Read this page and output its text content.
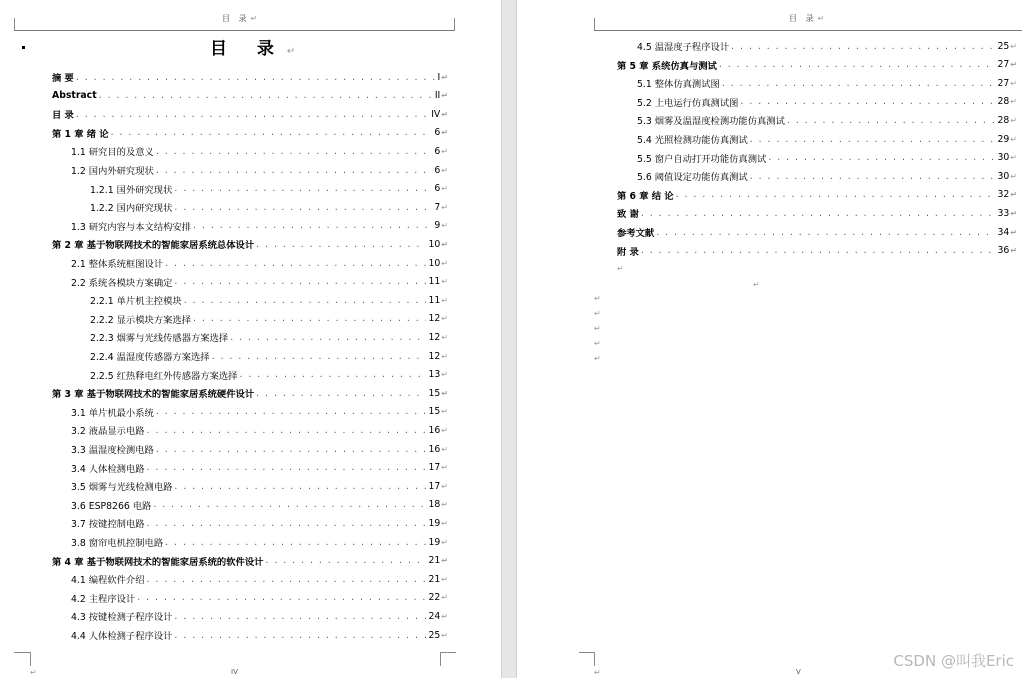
目 录↵
目 录↵
摘 要 . . .	I ↵
Abstract . . .	II ↵
目 录 . . .	IV ↵
第 1 章 绪 论 . . .	6 ↵
1.1 研究目的及意义 . . .	6 ↵
1.2 国内外研究现状 . . .	6 ↵
1.2.1 国外研究现状 . . .	6 ↵
1.2.2 国内研究现状 . . .	7 ↵
1.3 研究内容与本文结构安排 . . .	9 ↵
第 2 章 基于物联网技术的智能家居系统总体设计 . . .	10 ↵
2.1 整体系统框图设计 . . .	10 ↵
2.2 系统各模块方案确定 . . .	11 ↵
2.2.1 单片机主控模块 . . .	11 ↵
2.2.2 显示模块方案选择 . . .	12 ↵
2.2.3 烟雾与光线传感器方案选择 . . .	12 ↵
2.2.4 温湿度传感器方案选择 . . .	12 ↵
2.2.5 红热释电红外传感器方案选择 . . .	13 ↵
第 3 章 基于物联网技术的智能家居系统硬件设计 . . .	15 ↵
3.1 单片机最小系统 . . .	15 ↵
3.2 液晶显示电路 . . .	16 ↵
3.3 温湿度检测电路 . . .	16 ↵
3.4 人体检测电路 . . .	17 ↵
3.5 烟雾与光线检测电路 . . .	17 ↵
3.6 ESP8266 电路 . . .	18 ↵
3.7 按键控制电路 . . .	19 ↵
3.8 窗帘电机控制电路 . . .	19 ↵
第 4 章 基于物联网技术的智能家居系统的软件设计 . . .	21 ↵
4.1 编程软件介绍 . . .	21 ↵
4.2 主程序设计 . . .	22 ↵
4.3 按键检测子程序设计 . . .	24 ↵
4.4 人体检测子程序设计 . . .	25 ↵
↵	IV
目 录↵
4.5 温湿度子程序设计 . . .	25 ↵
第 5 章 系统仿真与测试 . . .	27 ↵
5.1 整体仿真测试图 . . .	27 ↵
5.2 上电运行仿真测试图 . . .	28 ↵
5.3 烟雾及温湿度检测功能仿真测试 . . .	28 ↵
5.4 光照检测功能仿真测试 . . .	29 ↵
5.5 窗户自动打开功能仿真测试 . . .	30 ↵
5.6 阈值设定功能仿真测试 . . .	30 ↵
第 6 章 结 论 . . .	32 ↵
致 谢 . . .	33 ↵
参考文献 . . .	34 ↵
附 录 . . .	36 ↵
↵
↵
↵
↵
↵
↵
↵
↵	V
CSDN @叫我Eric
